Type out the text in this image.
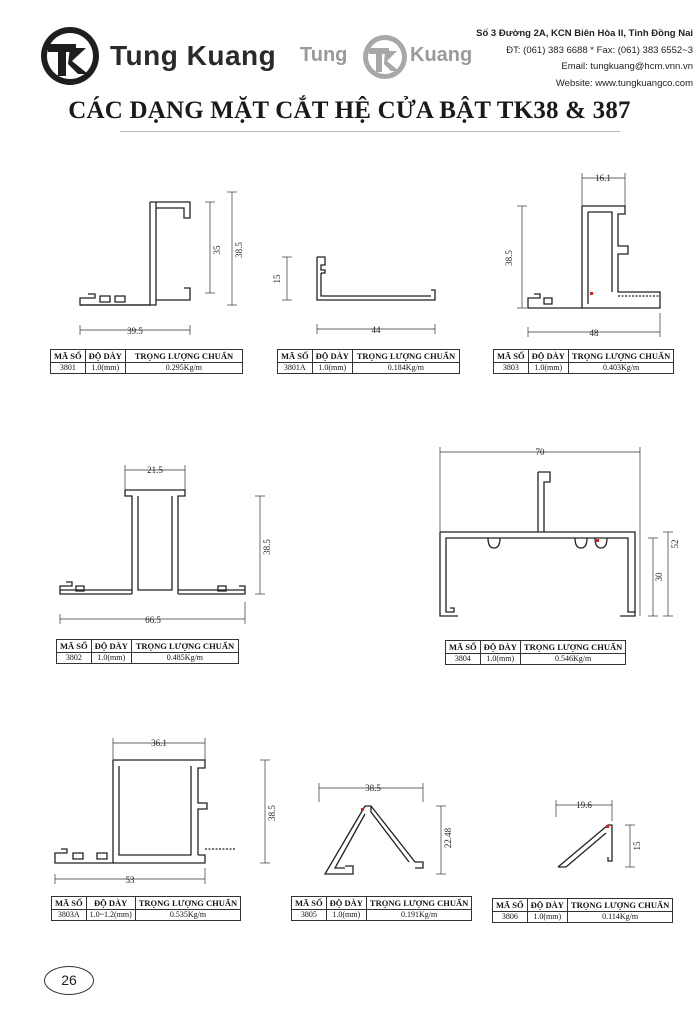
Tung Kuang Tung	Kuang
Số 3 Đường 2A, KCN Biên Hòa II, Tỉnh Đồng Nai
ĐT: (061) 383 6688 * Fax: (061) 383 6552~3
Email: tungkuang@hcm.vnn.vn
Website: www.tungkuangco.com
CÁC DẠNG MẶT CẮT HỆ CỬA BẬT TK38 & 387
35 38.5
39.5
MÃ SỐ	ĐỘ DÀY	TRỌNG LƯỢNG CHUẨN
3801	1.0(mm)	0.295Kg/m
15
44
MÃ SỐ	ĐỘ DÀY	TRỌNG LƯỢNG CHUẨN
3801A	1.0(mm)	0.184Kg/m
16.1
38.5
48
MÃ SỐ	ĐỘ DÀY	TRỌNG LƯỢNG CHUẨN
3803	1.0(mm)	0.403Kg/m
21.5
38.5
66.5
MÃ SỐ	ĐỘ DÀY	TRỌNG LƯỢNG CHUẨN
3802	1.0(mm)	0.485Kg/m
70
52
30
MÃ SỐ	ĐỘ DÀY	TRỌNG LƯỢNG CHUẨN
3804	1.0(mm)	0.546Kg/m
36.1
38.5
53
MÃ SỐ	ĐỘ DÀY	TRỌNG LƯỢNG CHUẨN
3803A	1.0~1.2(mm)	0.535Kg/m
38.5
22.48
MÃ SỐ	ĐỘ DÀY	TRỌNG LƯỢNG CHUẨN
3805	1.0(mm)	0.191Kg/m
19.6
15
MÃ SỐ	ĐỘ DÀY	TRỌNG LƯỢNG CHUẨN
3806	1.0(mm)	0.114Kg/m
26
